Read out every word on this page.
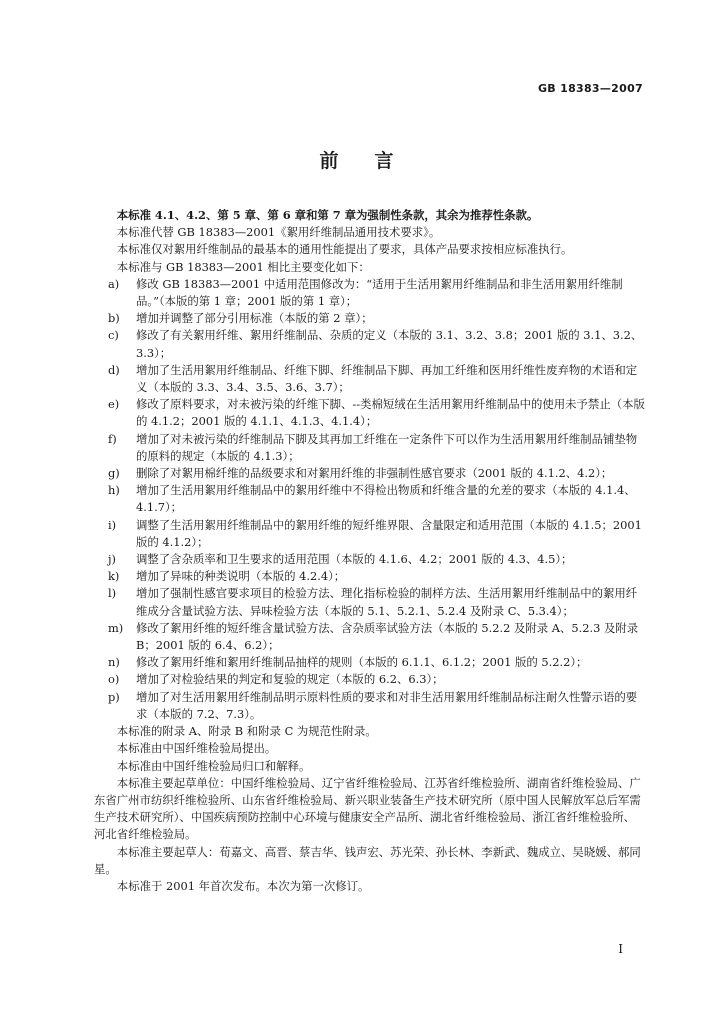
GB 18383—2007
前言

本标准 4.1、4.2、第 5 章、第 6 章和第 7 章为强制性条款，其余为推荐性条款。

本标准代替 GB 18383—2001《絮用纤维制品通用技术要求》。

本标准仅对絮用纤维制品的最基本的通用性能提出了要求，具体产品要求按相应标准执行。

本标准与 GB 18383—2001 相比主要变化如下：

a)	修改 GB 18383—2001 中适用范围修改为：“适用于生活用絮用纤维制品和非生活用絮用纤维制品。”（本版的第 1 章；2001 版的第 1 章）；
b)	增加并调整了部分引用标准（本版的第 2 章）；
c)	修改了有关絮用纤维、絮用纤维制品、杂质的定义（本版的 3.1、3.2、3.8；2001 版的 3.1、3.2、3.3）；
d)	增加了生活用絮用纤维制品、纤维下脚、纤维制品下脚、再加工纤维和医用纤维性废弃物的术语和定义（本版的 3.3、3.4、3.5、3.6、3.7）；
e)	修改了原料要求，对未被污染的纤维下脚、--类棉短绒在生活用絮用纤维制品中的使用未予禁止（本版的 4.1.2；2001 版的 4.1.1、4.1.3、4.1.4）；
f)	增加了对未被污染的纤维制品下脚及其再加工纤维在一定条件下可以作为生活用絮用纤维制品铺垫物的原料的规定（本版的 4.1.3）；
g)	删除了对絮用棉纤维的品级要求和对絮用纤维的非强制性感官要求（2001 版的 4.1.2、4.2）；
h)	增加了生活用絮用纤维制品中的絮用纤维中不得检出物质和纤维含量的允差的要求（本版的 4.1.4、4.1.7）；
i)	调整了生活用絮用纤维制品中的絮用纤维的短纤维界限、含量限定和适用范围（本版的 4.1.5；2001 版的 4.1.2）；
j)	调整了含杂质率和卫生要求的适用范围（本版的 4.1.6、4.2；2001 版的 4.3、4.5）；
k)	增加了异味的种类说明（本版的 4.2.4）；
l)	增加了强制性感官要求项目的检验方法、理化指标检验的制样方法、生活用絮用纤维制品中的絮用纤维成分含量试验方法、异味检验方法（本版的 5.1、5.2.1、5.2.4 及附录 C、5.3.4）；
m)	修改了絮用纤维的短纤维含量试验方法、含杂质率试验方法（本版的 5.2.2 及附录 A、5.2.3 及附录 B；2001 版的 6.4、6.2）；
n)	修改了絮用纤维和絮用纤维制品抽样的规则（本版的 6.1.1、6.1.2；2001 版的 5.2.2）；
o)	增加了对检验结果的判定和复验的规定（本版的 6.2、6.3）；
p)	增加了对生活用絮用纤维制品明示原料性质的要求和对非生活用絮用纤维制品标注耐久性警示语的要求（本版的 7.2、7.3）。

本标准的附录 A、附录 B 和附录 C 为规范性附录。

本标准由中国纤维检验局提出。

本标准由中国纤维检验局归口和解释。

本标准主要起草单位：中国纤维检验局、辽宁省纤维检验局、江苏省纤维检验所、湖南省纤维检验局、广东省广州市纺织纤维检验所、山东省纤维检验局、新兴职业装备生产技术研究所（原中国人民解放军总后军需生产技术研究所）、中国疾病预防控制中心环境与健康安全产品所、湖北省纤维检验局、浙江省纤维检验所、河北省纤维检验局。

本标准主要起草人：荀嘉文、高晋、蔡吉华、钱声宏、苏光荣、孙长林、李新武、魏成立、吴晓媛、郝同星。

本标准于 2001 年首次发布。本次为第一次修订。

I
